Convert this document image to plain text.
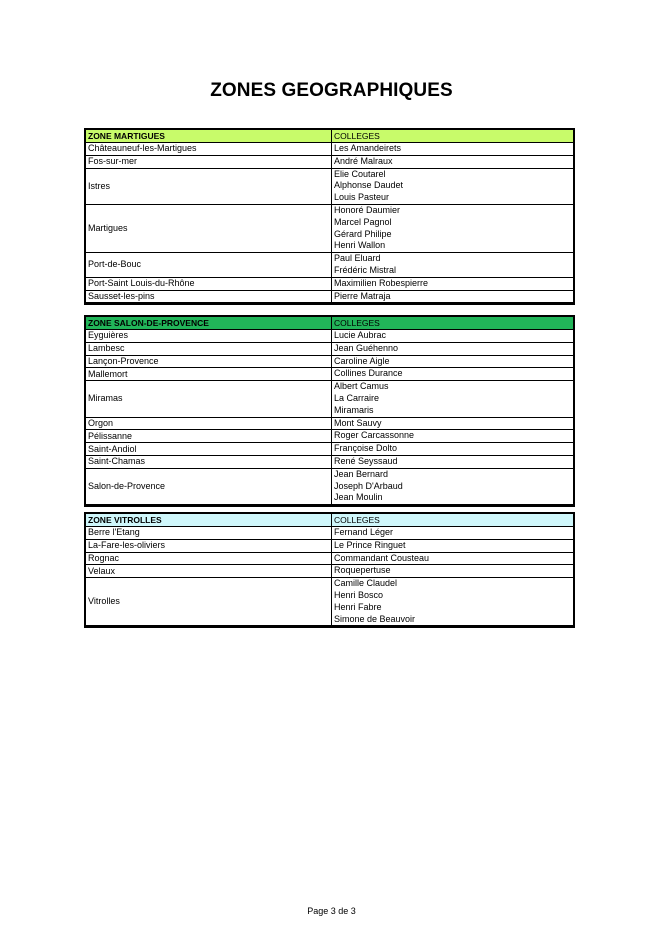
ZONES GEOGRAPHIQUES
ZONE MARTIGUES	COLLEGES
Châteauneuf-les-Martigues	Les Amandeirets

Fos-sur-mer	André Malraux

Istres	Elie Coutarel
Alphonse Daudet
Louis Pasteur

Martigues	Honoré Daumier
Marcel Pagnol
Gérard Philipe
Henri Wallon

Port-de-Bouc	Paul Eluard
Frédéric Mistral

Port-Saint Louis-du-Rhône	Maximilien Robespierre

Sausset-les-pins	Pierre Matraja
ZONE SALON-DE-PROVENCE	COLLEGES
Eyguières	Lucie Aubrac

Lambesc	Jean Guéhenno

Lançon-Provence	Caroline Aigle

Mallemort	Collines Durance

Miramas	Albert Camus
La Carraire
Miramaris

Orgon	Mont Sauvy

Pélissanne	Roger Carcassonne

Saint-Andiol	Françoise Dolto

Saint-Chamas	René Seyssaud

Salon-de-Provence	Jean Bernard
Joseph D'Arbaud
Jean Moulin
ZONE VITROLLES	COLLEGES
Berre l'Etang	Fernand Léger

La-Fare-les-oliviers	Le Prince Ringuet

Rognac	Commandant Cousteau

Velaux	Roquepertuse

Vitrolles	Camille Claudel
Henri Bosco
Henri Fabre
Simone de Beauvoir
Page 3 de 3
